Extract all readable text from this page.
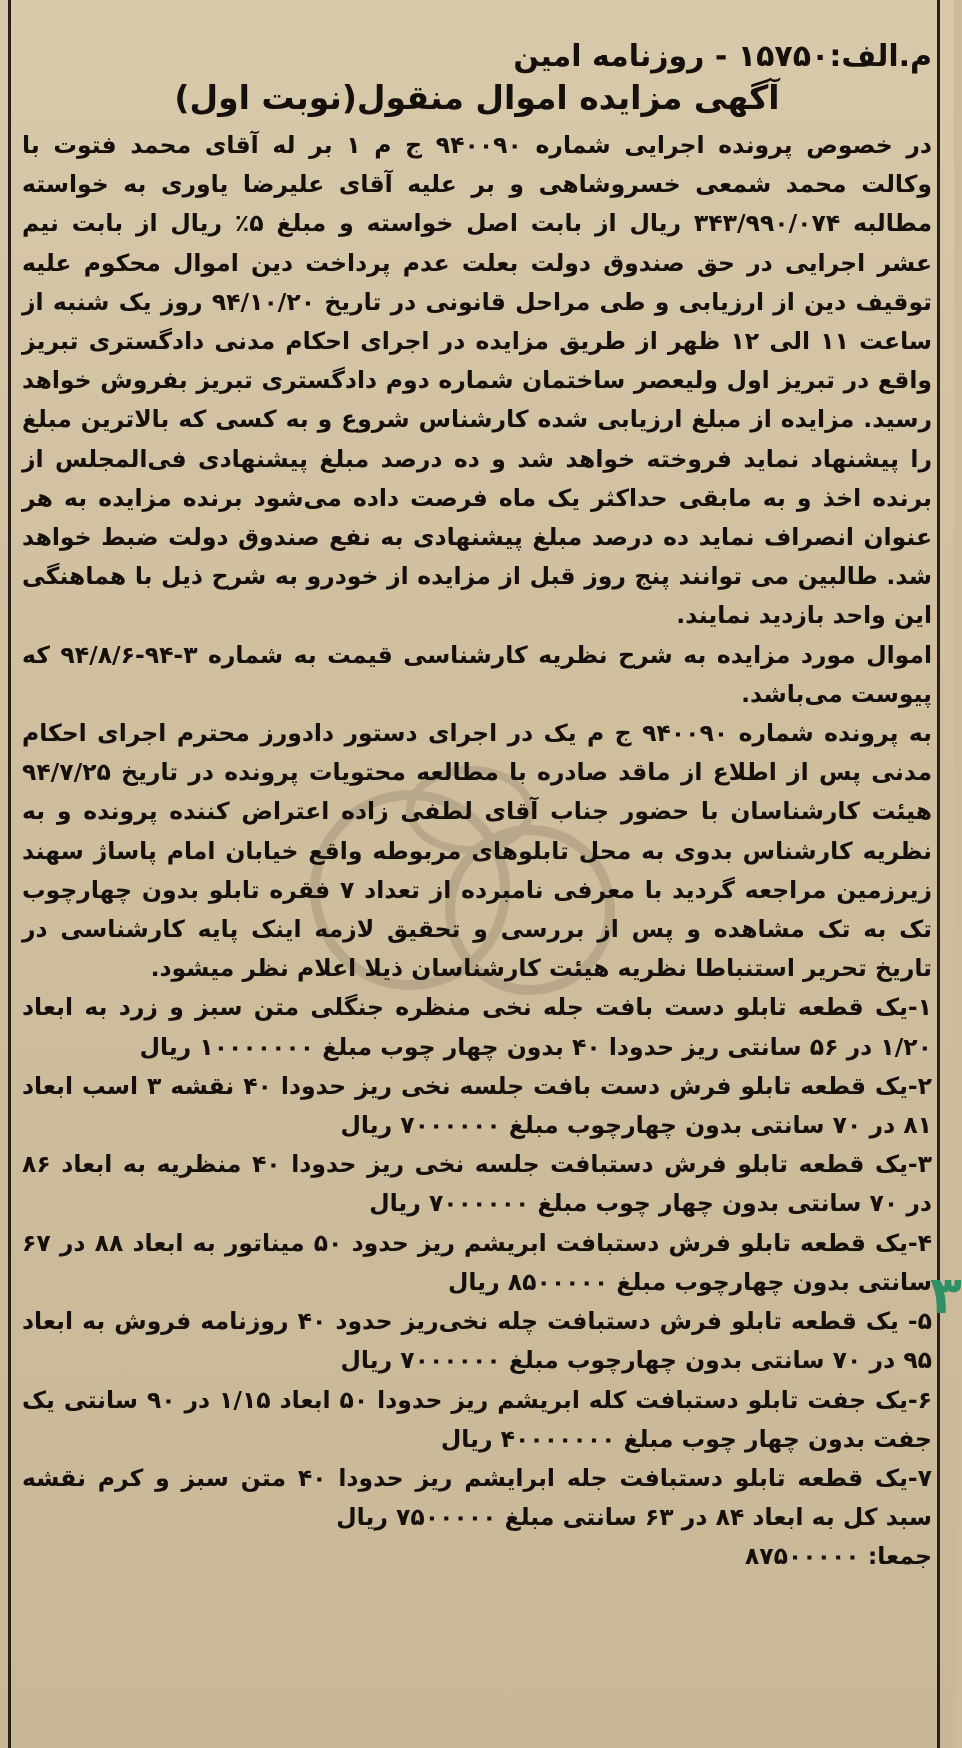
۳

م.الف:۱۵۷۵۰ - روزنامه امین

آگهی مزایده اموال منقول(نوبت اول)

در خصوص پرونده اجرایی شماره ۹۴۰۰۹۰ ج م ۱ بر له آقای محمد فتوت با وکالت محمد شمعی خسروشاهی و بر علیه آقای علیرضا یاوری به خواسته مطالبه ۳۴۳/۹۹۰/۰۷۴ ریال از بابت اصل خواسته و مبلغ ۵٪ ریال از بابت نیم عشر اجرایی در حق صندوق دولت بعلت عدم پرداخت دین اموال محکوم علیه توقیف دین از ارزیابی و طی مراحل قانونی در تاریخ ۹۴/۱۰/۲۰ روز یک شنبه از ساعت ۱۱ الی ۱۲ ظهر از طریق مزایده در اجرای احکام مدنی دادگستری تبریز واقع در تبریز اول ولیعصر ساختمان شماره دوم دادگستری تبریز بفروش خواهد رسید. مزایده از مبلغ ارزیابی شده کارشناس شروع و به کسی که بالاترین مبلغ را پیشنهاد نماید فروخته خواهد شد و ده درصد مبلغ پیشنهادی فی‌المجلس از برنده اخذ و به مابقی حداکثر یک ماه فرصت داده می‌شود برنده مزایده به هر عنوان انصراف نماید ده درصد مبلغ پیشنهادی به نفع صندوق دولت ضبط خواهد شد. طالبین می توانند پنج روز قبل از مزایده از خودرو به شرح ذیل با هماهنگی این واحد بازدید نمایند.

اموال مورد مزایده به شرح نظریه کارشناسی قیمت به شماره ۳-۹۴-۹۴/۸/۶ که پیوست می‌باشد.

به پرونده شماره ۹۴۰۰۹۰ ج م یک در اجرای دستور دادورز محترم اجرای احکام مدنی پس از اطلاع از ماقد صادره با مطالعه محتویات پرونده در تاریخ ۹۴/۷/۲۵ هیئت کارشناسان با حضور جناب آقای لطفی زاده اعتراض کننده پرونده و به نظریه کارشناس بدوی به محل تابلوهای مربوطه واقع خیابان امام پاساژ سهند زیرزمین مراجعه گردید با معرفی نامبرده از تعداد ۷ فقره تابلو بدون چهارچوب تک به تک مشاهده و پس از بررسی و تحقیق لازمه اینک پایه کارشناسی در تاریخ تحریر استنباطا نظریه هیئت کارشناسان ذیلا اعلام نظر میشود.

۱-یک قطعه تابلو دست بافت جله نخی منظره جنگلی متن سبز و زرد به ابعاد ۱/۲۰ در ۵۶ سانتی ریز حدودا ۴۰ بدون چهار چوب مبلغ ۱۰۰۰۰۰۰۰ ریال

۲-یک قطعه تابلو فرش دست بافت جلسه نخی ریز حدودا ۴۰ نقشه ۳ اسب ابعاد ۸۱ در ۷۰ سانتی بدون چهارچوب مبلغ ۷۰۰۰۰۰۰ ریال

۳-یک قطعه تابلو فرش دستبافت جلسه نخی ریز حدودا ۴۰ منظریه به ابعاد ۸۶ در ۷۰ سانتی بدون چهار چوب مبلغ ۷۰۰۰۰۰۰ ریال

۴-یک قطعه تابلو فرش دستبافت ابریشم ریز حدود ۵۰ میناتور به ابعاد ۸۸ در ۶۷ سانتی بدون چهارچوب مبلغ ۸۵۰۰۰۰۰ ریال

۵- یک قطعه تابلو فرش دستبافت چله نخی‌ریز حدود ۴۰ روزنامه فروش به ابعاد ۹۵ در ۷۰ سانتی بدون چهارچوب مبلغ ۷۰۰۰۰۰۰ ریال

۶-یک جفت تابلو دستبافت کله ابریشم ریز حدودا ۵۰ ابعاد ۱/۱۵ در ۹۰ سانتی یک جفت بدون چهار چوب مبلغ ۴۰۰۰۰۰۰۰ ریال

۷-یک قطعه تابلو دستبافت جله ابرایشم ریز حدودا ۴۰ متن سبز و کرم نقشه سبد کل به ابعاد ۸۴ در ۶۳ سانتی مبلغ ۷۵۰۰۰۰۰ ریال

جمعا: ۸۷۵۰۰۰۰۰
